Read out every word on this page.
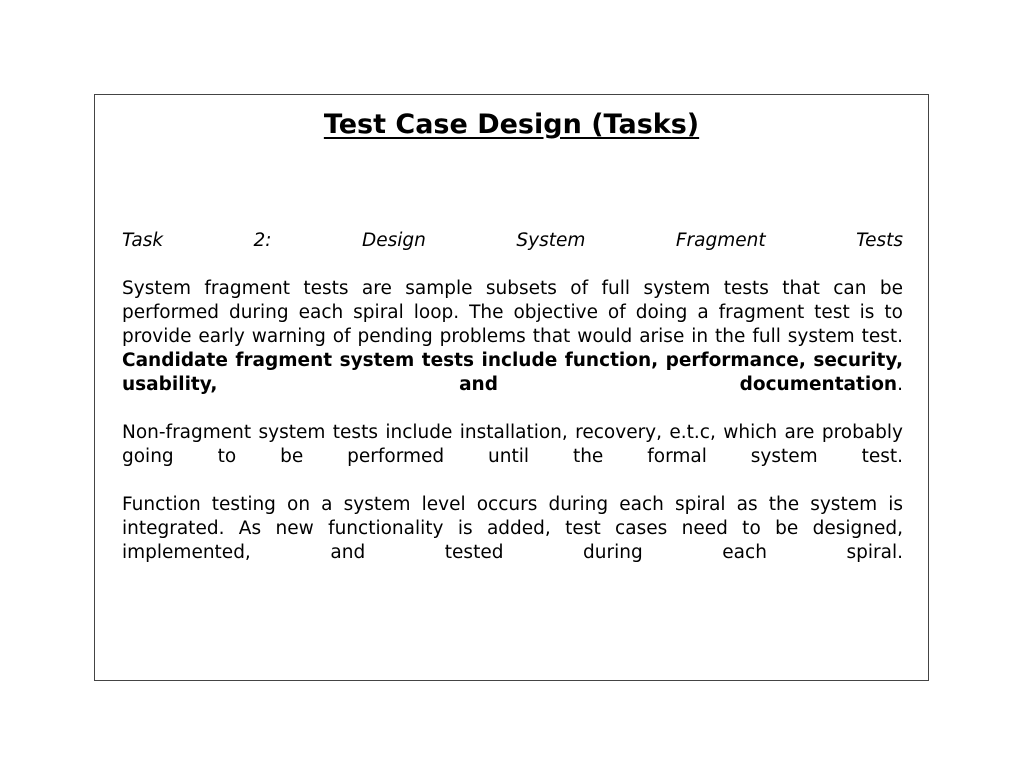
Test Case Design (Tasks)

Task 2: Design System Fragment Tests

System fragment tests are sample subsets of full system tests that can be performed during each spiral loop. The objective of doing a fragment test is to provide early warning of pending problems that would arise in the full system test. Candidate fragment system tests include function, performance, security, usability, and documentation.

Non-fragment system tests include installation, recovery, e.t.c, which are probably going to be performed until the formal system test.

Function testing on a system level occurs during each spiral as the system is integrated. As new functionality is added, test cases need to be designed, implemented, and tested during each spiral.
